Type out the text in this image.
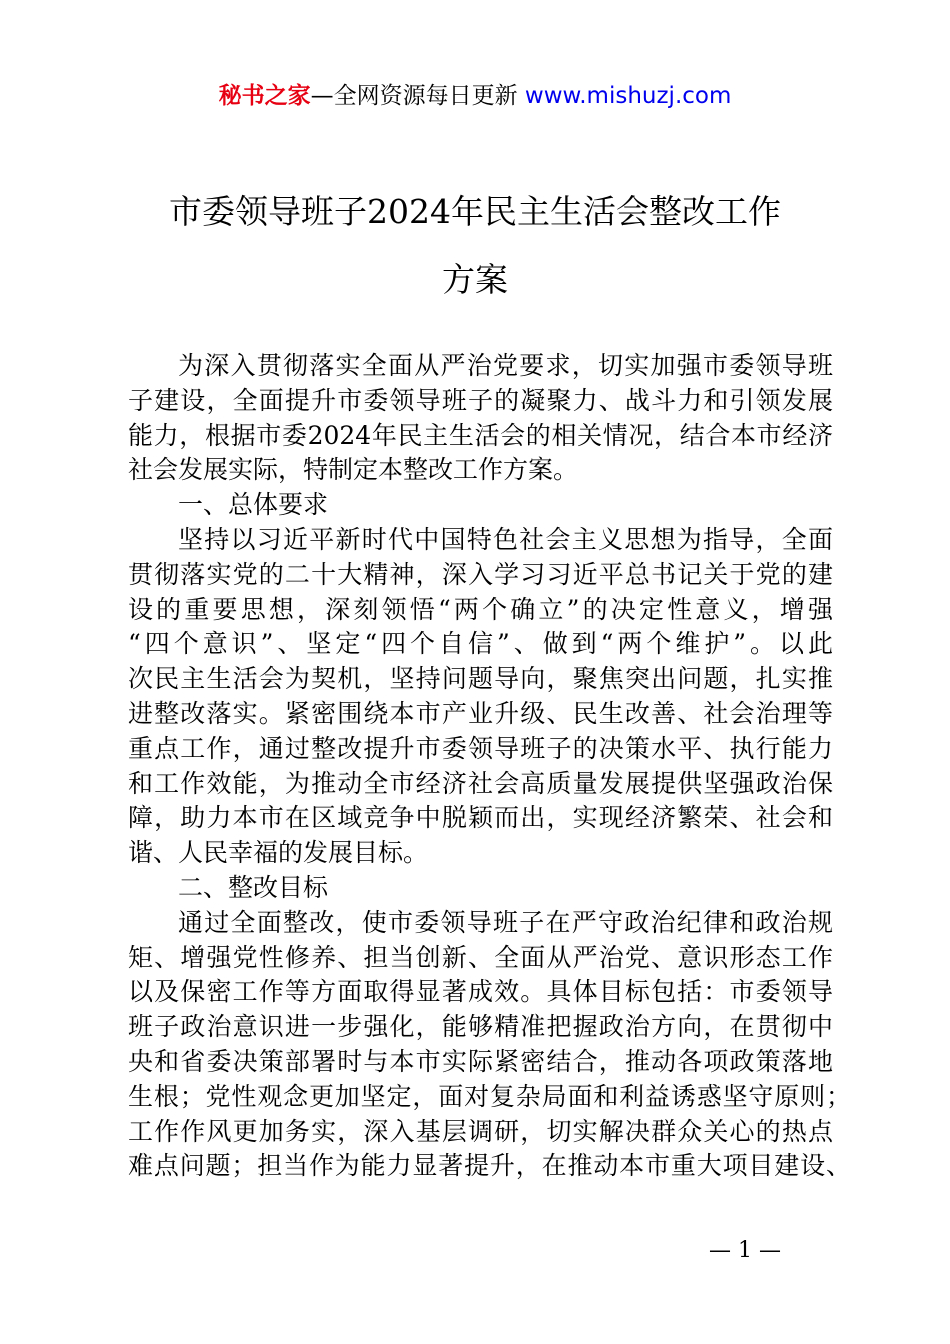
秘书之家—全网资源每日更新 www.mishuzj.com
市委领导班子2024年民主生活会整改工作
方案
为深入贯彻落实全面从严治党要求，切实加强市委领导班
子建设，全面提升市委领导班子的凝聚力、战斗力和引领发展
能力，根据市委2024年民主生活会的相关情况，结合本市经济
社会发展实际，特制定本整改工作方案。
一、总体要求
坚持以习近平新时代中国特色社会主义思想为指导，全面
贯彻落实党的二十大精神，深入学习习近平总书记关于党的建
设的重要思想，深刻领悟“两个确立”的决定性意义，增强
“四个意识”、坚定“四个自信”、做到“两个维护”。以此
次民主生活会为契机，坚持问题导向，聚焦突出问题，扎实推
进整改落实。紧密围绕本市产业升级、民生改善、社会治理等
重点工作，通过整改提升市委领导班子的决策水平、执行能力
和工作效能，为推动全市经济社会高质量发展提供坚强政治保
障，助力本市在区域竞争中脱颖而出，实现经济繁荣、社会和
谐、人民幸福的发展目标。
二、整改目标
通过全面整改，使市委领导班子在严守政治纪律和政治规
矩、增强党性修养、担当创新、全面从严治党、意识形态工作
以及保密工作等方面取得显著成效。具体目标包括：市委领导
班子政治意识进一步强化，能够精准把握政治方向，在贯彻中
央和省委决策部署时与本市实际紧密结合，推动各项政策落地
生根；党性观念更加坚定，面对复杂局面和利益诱惑坚守原则；
工作作风更加务实，深入基层调研，切实解决群众关心的热点
难点问题；担当作为能力显著提升，在推动本市重大项目建设、
— 1 —
